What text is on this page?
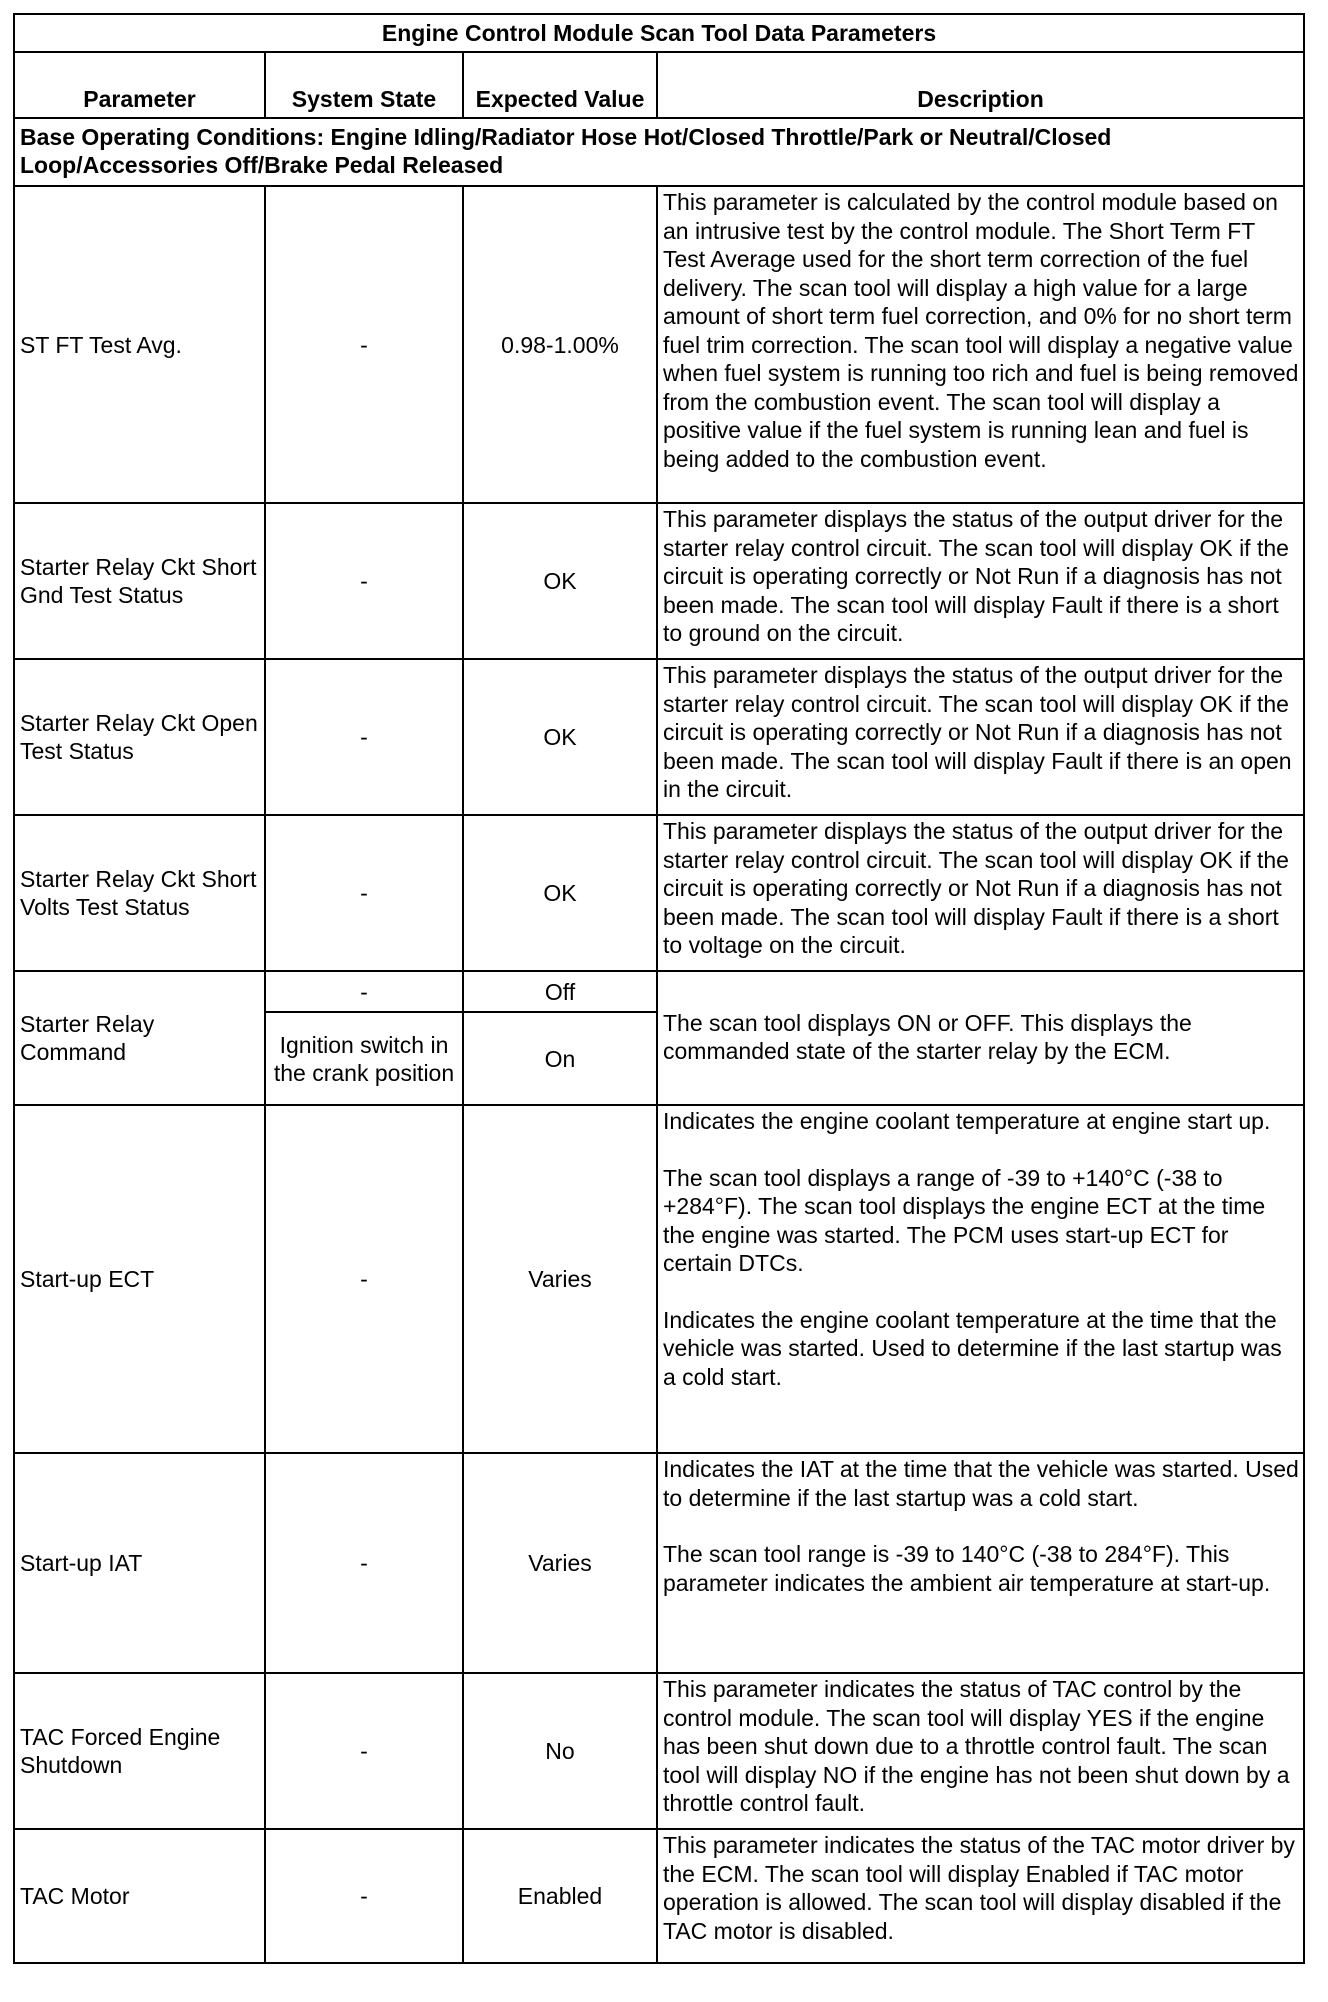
Engine Control Module Scan Tool Data Parameters			
Parameter	System State	Expected Value	Description
Base Operating Conditions: Engine Idling/Radiator Hose Hot/Closed Throttle/Park or Neutral/Closed Loop/Accessories Off/Brake Pedal Released			
ST FT Test Avg.	-	0.98-1.00%	This parameter is calculated by the control module based on an intrusive test by the control module. The Short Term FT Test Average used for the short term correction of the fuel delivery. The scan tool will display a high value for a large amount of short term fuel correction, and 0% for no short term fuel trim correction. The scan tool will display a negative value when fuel system is running too rich and fuel is being removed from the combustion event. The scan tool will display a positive value if the fuel system is running lean and fuel is being added to the combustion event.

Starter Relay Ckt Short Gnd Test Status	-	OK	This parameter displays the status of the output driver for the starter relay control circuit. The scan tool will display OK if the circuit is operating correctly or Not Run if a diagnosis has not been made. The scan tool will display Fault if there is a short to ground on the circuit.

Starter Relay Ckt Open Test Status	-	OK	This parameter displays the status of the output driver for the starter relay control circuit. The scan tool will display OK if the circuit is operating correctly or Not Run if a diagnosis has not been made. The scan tool will display Fault if there is an open in the circuit.

Starter Relay Ckt Short Volts Test Status	-	OK	This parameter displays the status of the output driver for the starter relay control circuit. The scan tool will display OK if the circuit is operating correctly or Not Run if a diagnosis has not been made. The scan tool will display Fault if there is a short to voltage on the circuit.

Starter Relay Command	-	Off	The scan tool displays ON or OFF. This displays the commanded state of the starter relay by the ECM.

	Ignition switch in the crank position	On	
Start-up ECT	-	Varies	Indicates the engine coolant temperature at engine start up.

The scan tool displays a range of -39 to +140°C (-38 to +284°F). The scan tool displays the engine ECT at the time the engine was started. The PCM uses start-up ECT for certain DTCs.

Indicates the engine coolant temperature at the time that the vehicle was started. Used to determine if the last startup was a cold start.

Start-up IAT	-	Varies	Indicates the IAT at the time that the vehicle was started. Used to determine if the last startup was a cold start.

The scan tool range is -39 to 140°C (-38 to 284°F). This parameter indicates the ambient air temperature at start-up.

TAC Forced Engine Shutdown	-	No	This parameter indicates the status of TAC control by the control module. The scan tool will display YES if the engine has been shut down due to a throttle control fault. The scan tool will display NO if the engine has not been shut down by a throttle control fault.

TAC Motor	-	Enabled	This parameter indicates the status of the TAC motor driver by the ECM. The scan tool will display Enabled if TAC motor operation is allowed. The scan tool will display disabled if the TAC motor is disabled.
